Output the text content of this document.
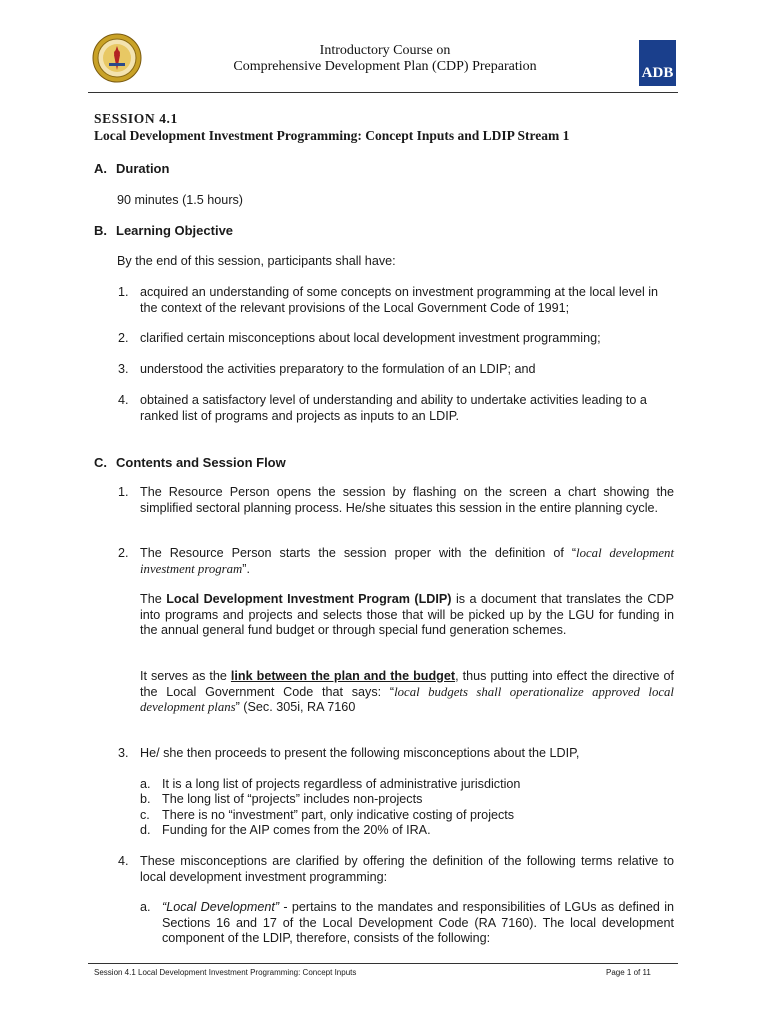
Introductory Course on
Comprehensive Development Plan (CDP) Preparation	ADB
SESSION 4.1
Local Development Investment Programming: Concept Inputs and LDIP Stream 1
A. Duration
90 minutes (1.5 hours)
B. Learning Objective
By the end of this session, participants shall have:
1. acquired an understanding of some concepts on investment programming at the local level in the context of the relevant provisions of the Local Government Code of 1991;
2. clarified certain misconceptions about local development investment programming;
3. understood the activities preparatory to the formulation of an LDIP; and
4. obtained a satisfactory level of understanding and ability to undertake activities leading to a ranked list of programs and projects as inputs to an LDIP.
C. Contents and Session Flow
1. The Resource Person opens the session by flashing on the screen a chart showing the simplified sectoral planning process. He/she situates this session in the entire planning cycle.
2. The Resource Person starts the session proper with the definition of “local development investment program”.
The Local Development Investment Program (LDIP) is a document that translates the CDP into programs and projects and selects those that will be picked up by the LGU for funding in the annual general fund budget or through special fund generation schemes.
It serves as the link between the plan and the budget, thus putting into effect the directive of the Local Government Code that says: “local budgets shall operationalize approved local development plans” (Sec. 305i, RA 7160
3. He/ she then proceeds to present the following misconceptions about the LDIP,
a. It is a long list of projects regardless of administrative jurisdiction
b. The long list of “projects” includes non-projects
c. There is no “investment” part, only indicative costing of projects
d. Funding for the AIP comes from the 20% of IRA.
4. These misconceptions are clarified by offering the definition of the following terms relative to local development investment programming:
a. “Local Development” - pertains to the mandates and responsibilities of LGUs as defined in Sections 16 and 17 of the Local Development Code (RA 7160). The local development component of the LDIP, therefore, consists of the following:
Session 4.1 Local Development Investment Programming: Concept Inputs	Page 1 of 11
